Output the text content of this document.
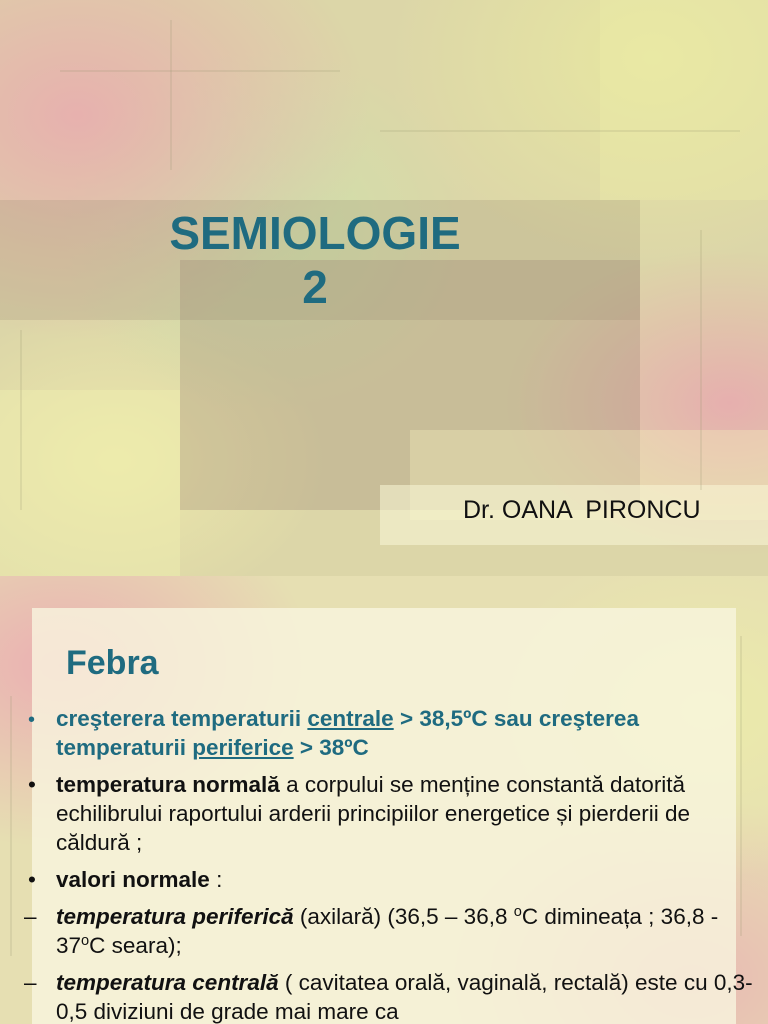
SEMIOLOGIE
2
Dr. OANA  PIRONCU
Febra
• creşterera temperaturii centrale > 38,5ºC sau creşterea temperaturii periferice > 38ºC
• temperatura normală a corpului se menține constantă datorită echilibrului raportului arderii principiilor energetice și pierderii de căldură ;
• valori normale :
– temperatura periferică (axilară) (36,5 – 36,8 $^o$C dimineața ; 36,8 - 37$^o$C seara);
– temperatura centrală ( cavitatea orală, vaginală, rectală) este cu 0,3- 0,5 diviziuni de grade mai mare ca
